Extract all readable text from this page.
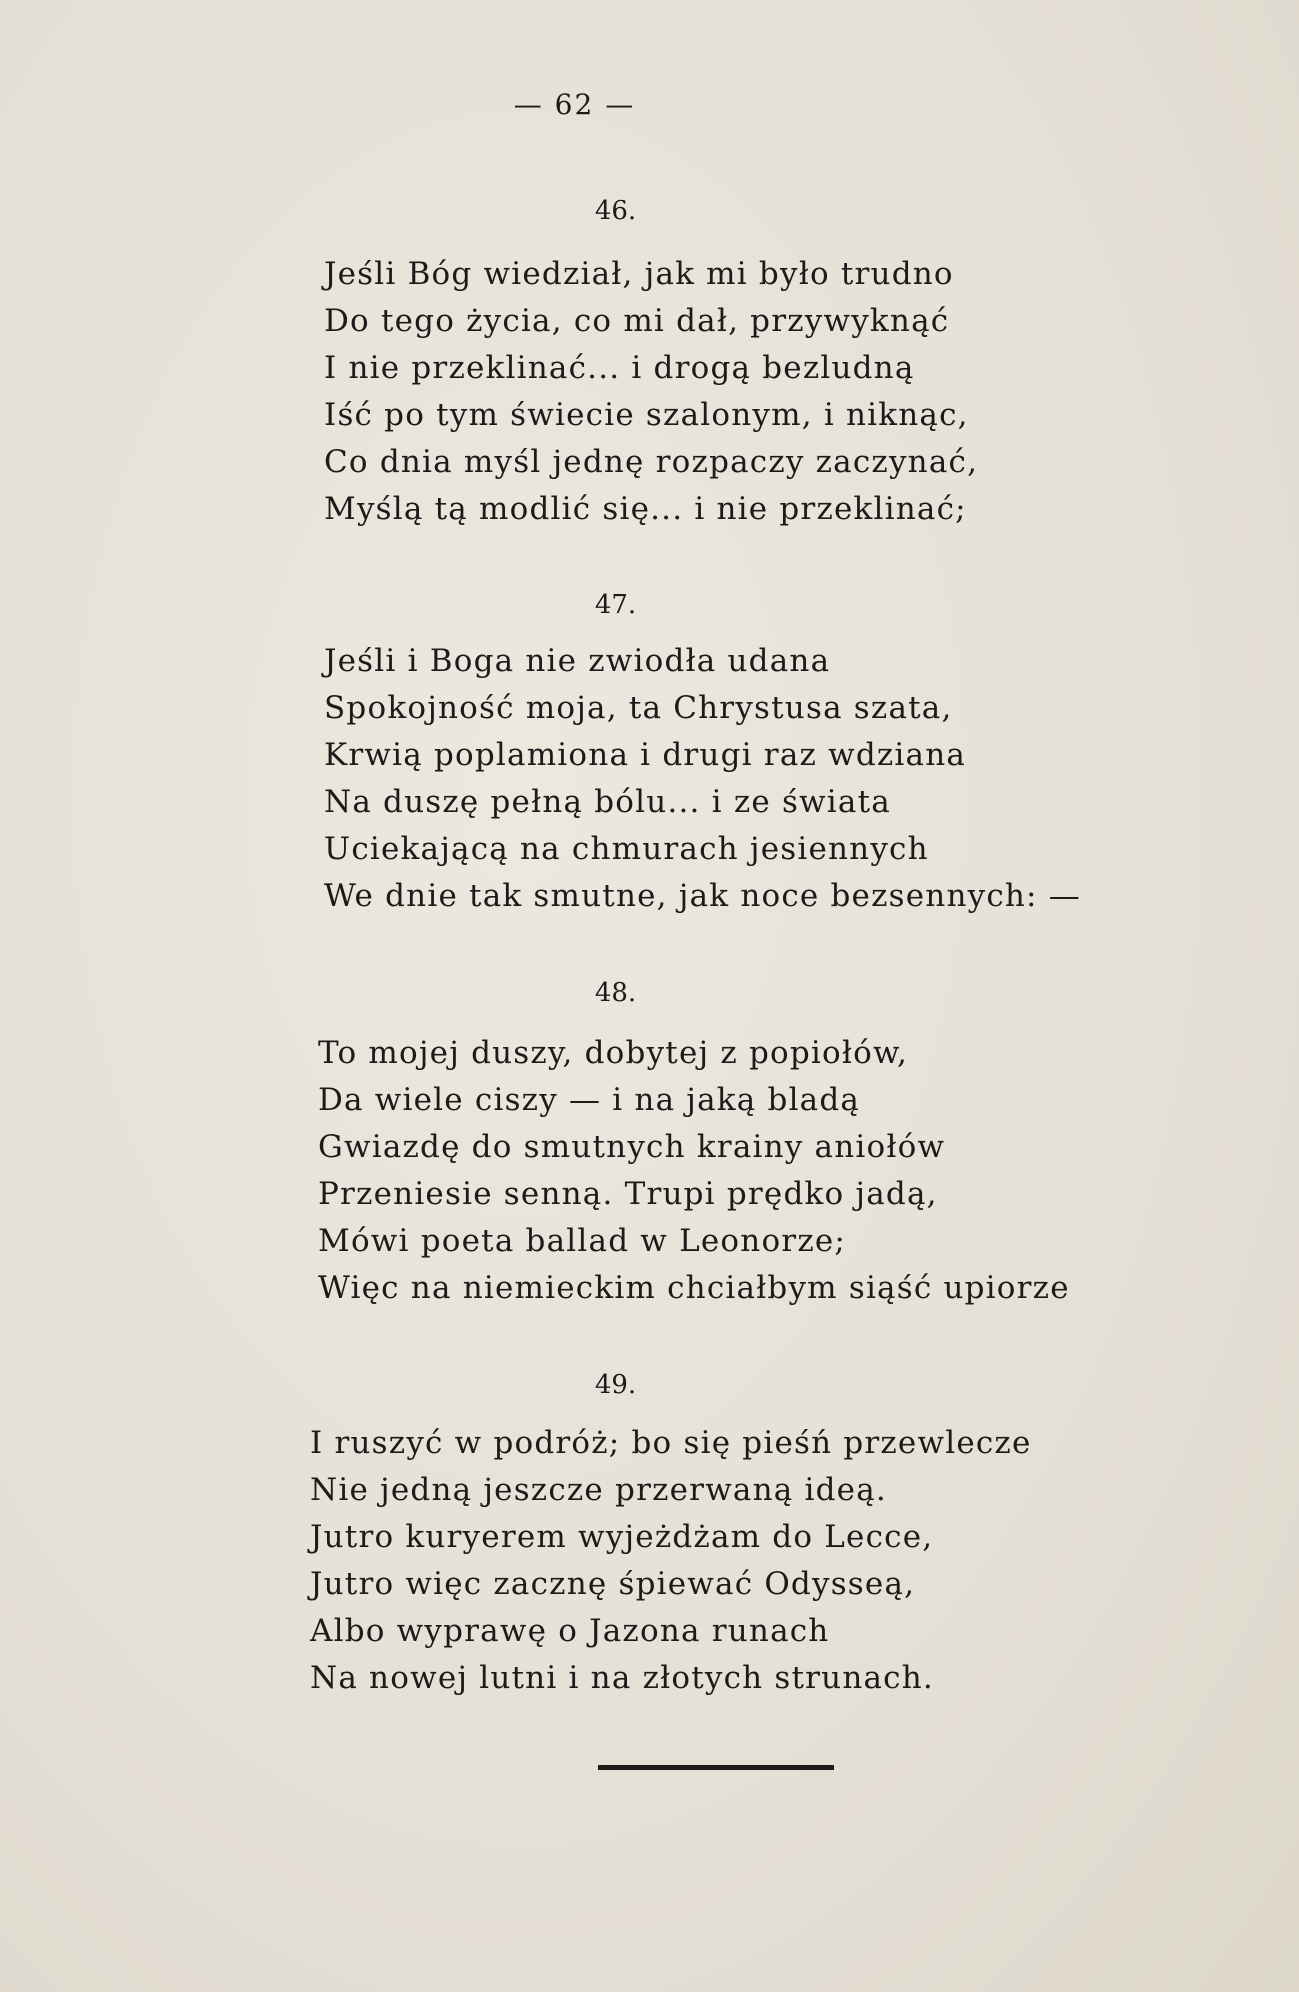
— 62 —
46.
Jeśli Bóg wiedział, jak mi było trudno
Do tego życia, co mi dał, przywyknąć
I nie przeklinać... i drogą bezludną
Iść po tym świecie szalonym, i niknąc,
Co dnia myśl jednę rozpaczy zaczynać,
Myślą tą modlić się... i nie przeklinać;
47.
Jeśli i Boga nie zwiodła udana
Spokojność moja, ta Chrystusa szata,
Krwią poplamiona i drugi raz wdziana
Na duszę pełną bólu... i ze świata
Uciekającą na chmurach jesiennych
We dnie tak smutne, jak noce bezsennych: —
48.
To mojej duszy, dobytej z popiołów,
Da wiele ciszy — i na jaką bladą
Gwiazdę do smutnych krainy aniołów
Przeniesie senną. Trupi prędko jadą,
Mówi poeta ballad w Leonorze;
Więc na niemieckim chciałbym siąść upiorze
49.
I ruszyć w podróż; bo się pieśń przewlecze
Nie jedną jeszcze przerwaną ideą.
Jutro kuryerem wyjeżdżam do Lecce,
Jutro więc zacznę śpiewać Odysseą,
Albo wyprawę o Jazona runach
Na nowej lutni i na złotych strunach.
